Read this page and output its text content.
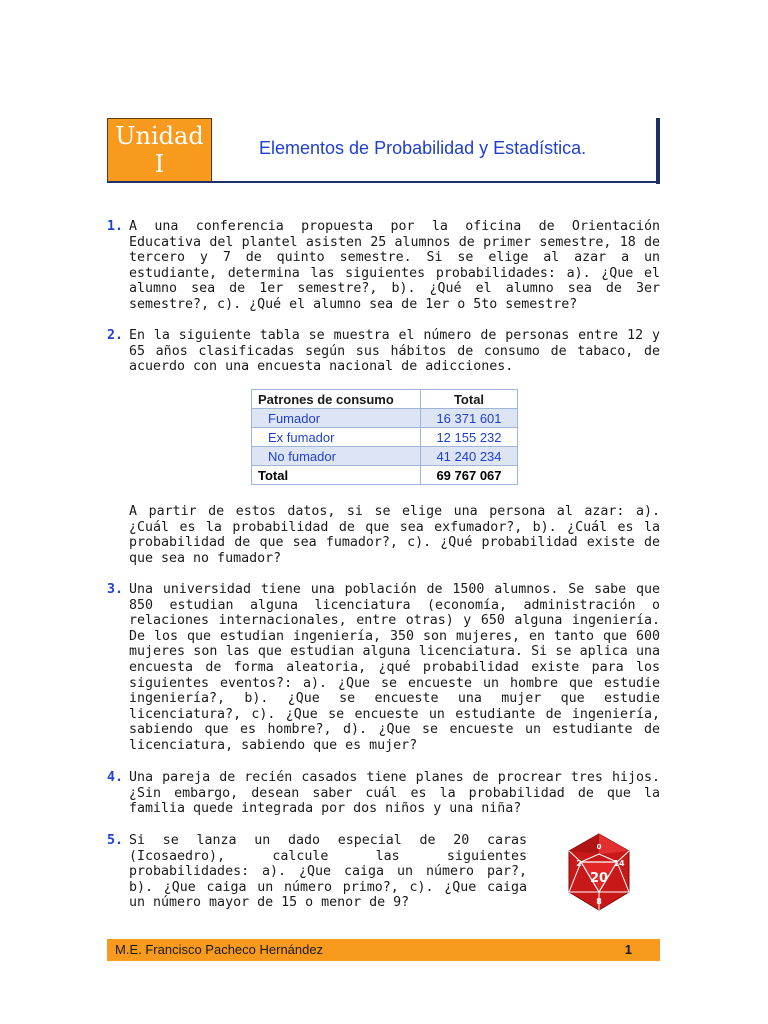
Unidad
I
Elementos de Probabilidad y Estadística.
1. A una conferencia propuesta por la oficina de Orientación Educativa del plantel asisten 25 alumnos de primer semestre, 18 de tercero y 7 de quinto semestre. Si se elige al azar a un estudiante, determina las siguientes probabilidades: a). ¿Que el alumno sea de 1er semestre?, b). ¿Qué el alumno sea de 3er semestre?, c). ¿Qué el alumno sea de 1er o 5to semestre?
2. En la siguiente tabla se muestra el número de personas entre 12 y 65 años clasificadas según sus hábitos de consumo de tabaco, de acuerdo con una encuesta nacional de adicciones.
Patrones de consumo	Total
Fumador	16 371 601
Ex fumador	12 155 232
No fumador	41 240 234
Total	69 767 067
A partir de estos datos, si se elige una persona al azar: a). ¿Cuál es la probabilidad de que sea exfumador?, b). ¿Cuál es la probabilidad de que sea fumador?, c). ¿Qué probabilidad existe de que sea no fumador?
3. Una universidad tiene una población de 1500 alumnos. Se sabe que 850 estudian alguna licenciatura (economía, administración o relaciones internacionales, entre otras) y 650 alguna ingeniería. De los que estudian ingeniería, 350 son mujeres, en tanto que 600 mujeres son las que estudian alguna licenciatura. Si se aplica una encuesta de forma aleatoria, ¿qué probabilidad existe para los siguientes eventos?: a). ¿Que se encueste un hombre que estudie ingeniería?, b). ¿Que se encueste una mujer que estudie licenciatura?, c). ¿Que se encueste un estudiante de ingeniería, sabiendo que es hombre?, d). ¿Que se encueste un estudiante de licenciatura, sabiendo que es mujer?
4. Una pareja de recién casados tiene planes de procrear tres hijos. ¿Sin embargo, desean saber cuál es la probabilidad de que la familia quede integrada por dos niños y una niña?
5. Si se lanza un dado especial de 20 caras (Icosaedro), calcule las siguientes probabilidades: a). ¿Que caiga un número par?, b). ¿Que caiga un número primo?, c). ¿Que caiga un número mayor de 15 o menor de 9?
20
2
0
14
8
M.E. Francisco Pacheco Hernández	1
